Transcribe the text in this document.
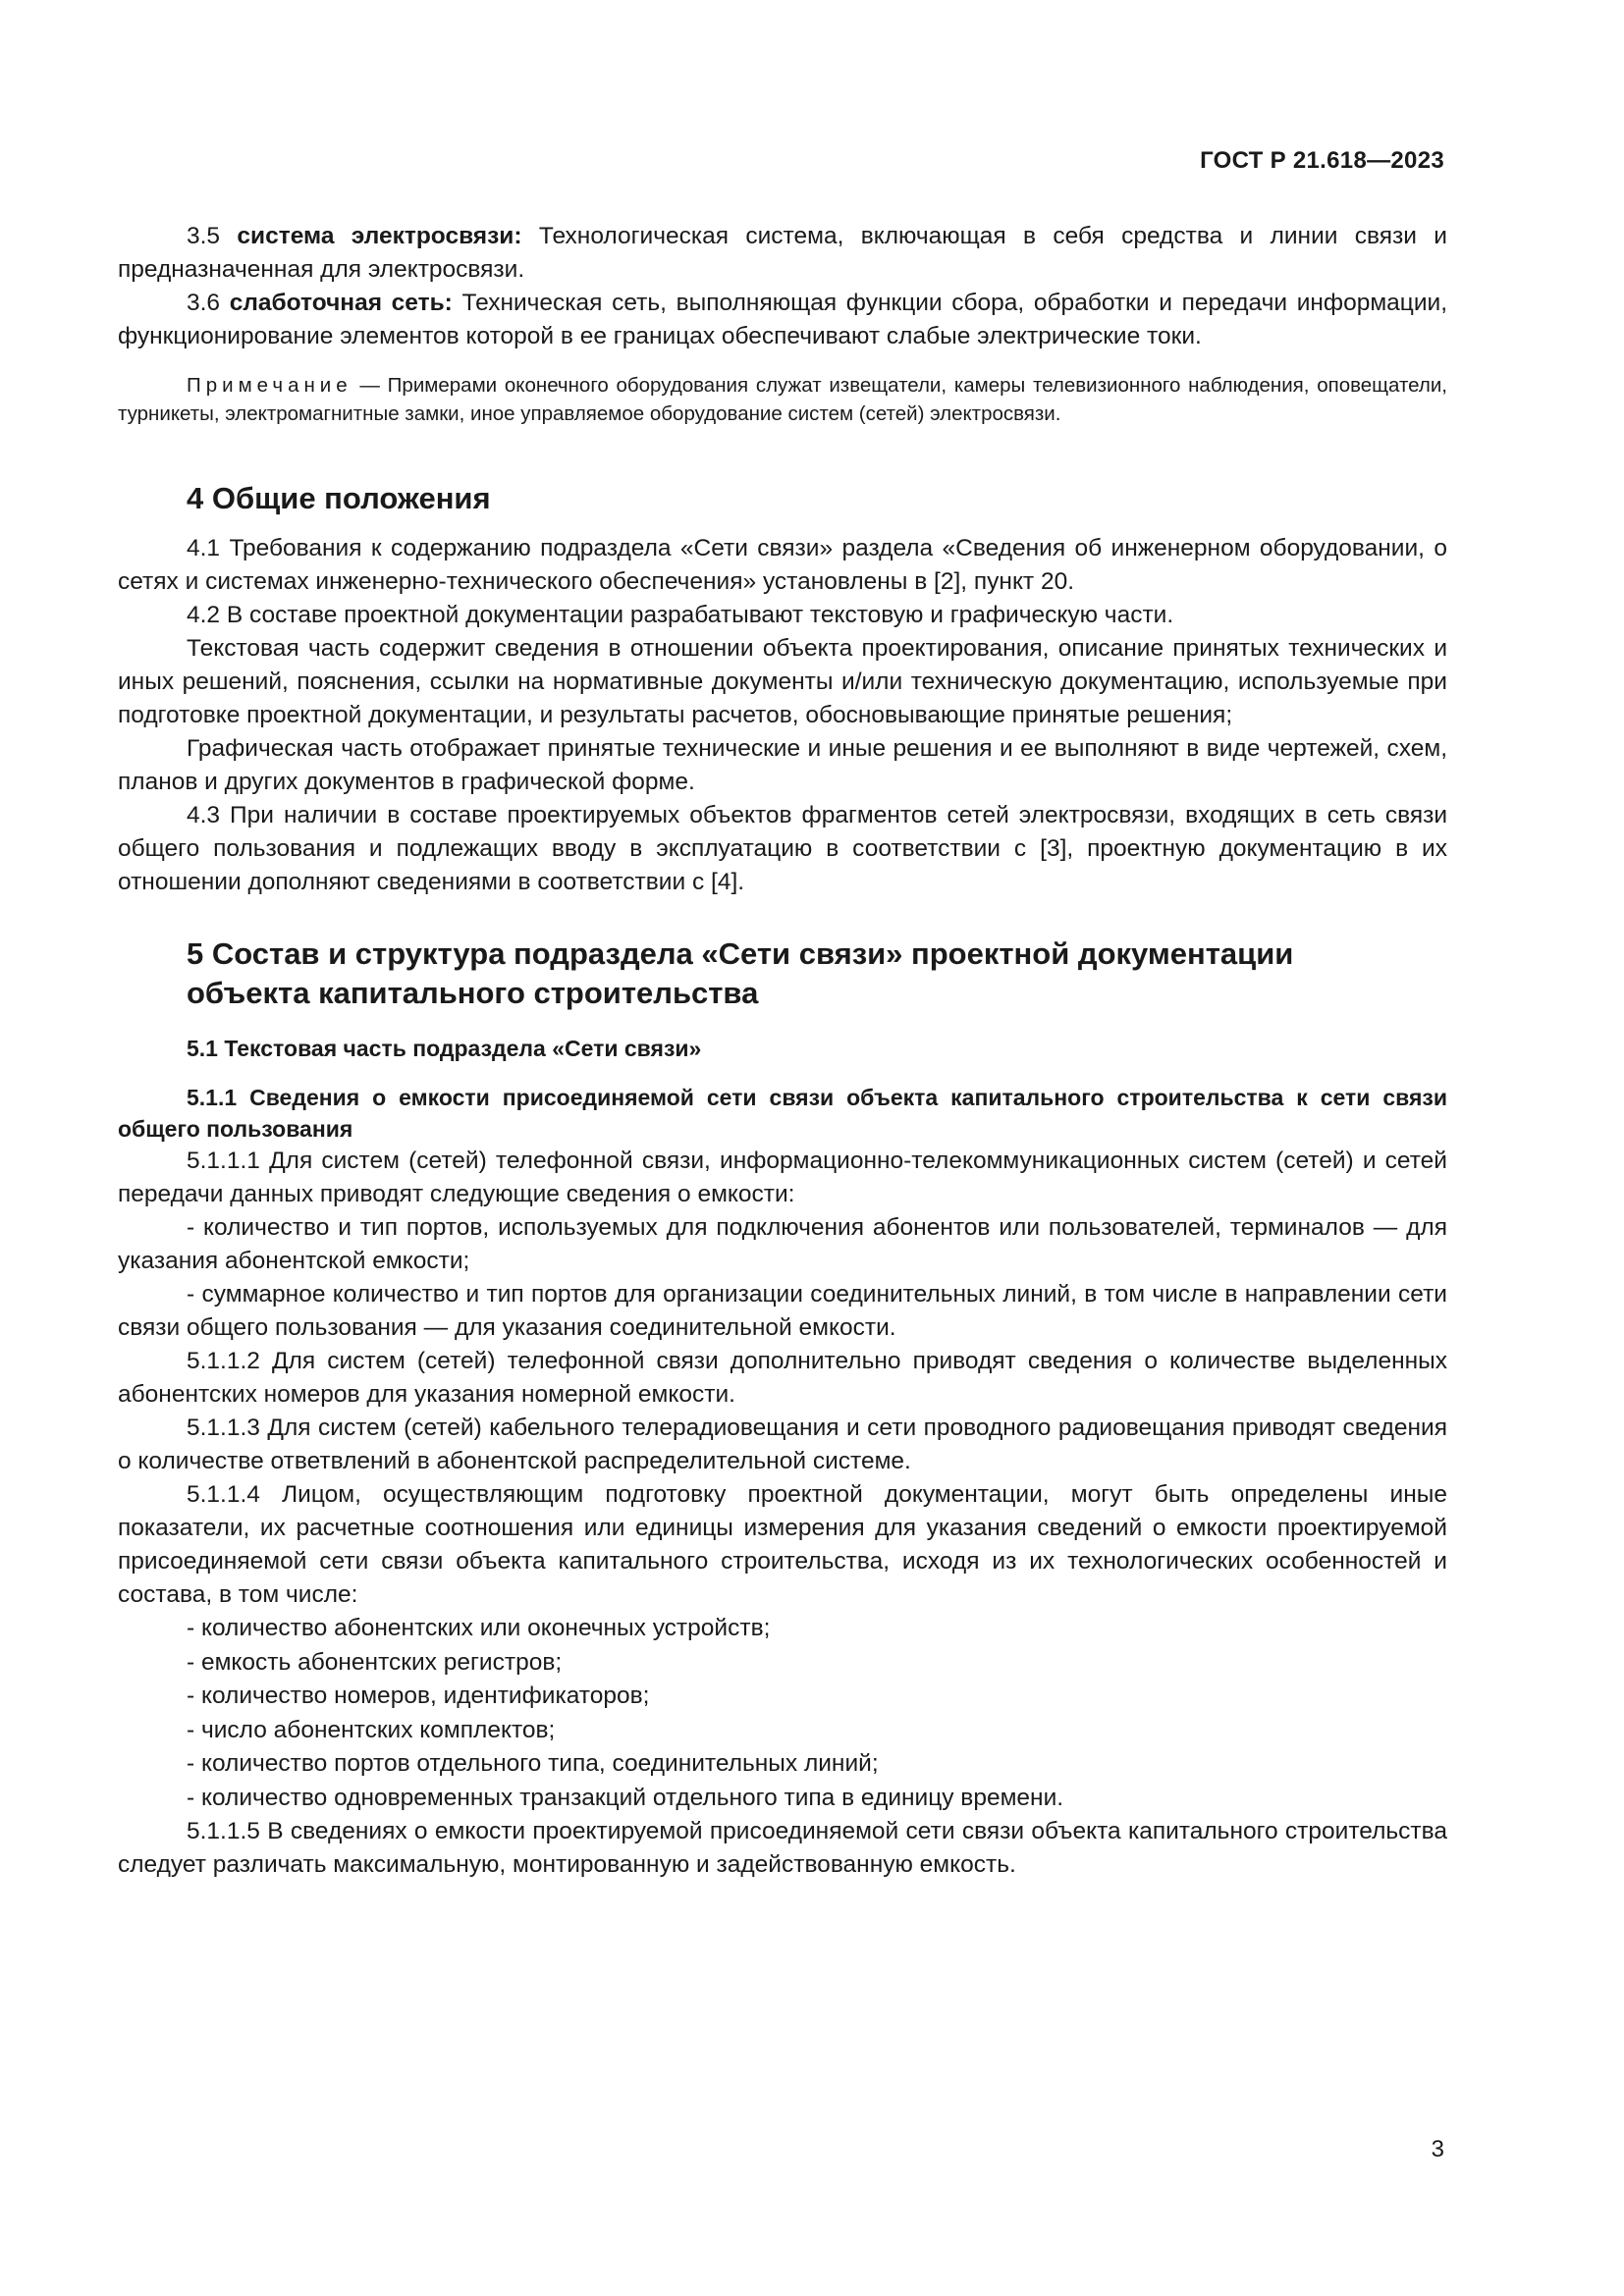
ГОСТ Р 21.618—2023

3.5 система электросвязи: Технологическая система, включающая в себя средства и линии связи и предназначенная для электросвязи.

3.6 слаботочная сеть: Техническая сеть, выполняющая функции сбора, обработки и передачи информации, функционирование элементов которой в ее границах обеспечивают слабые электрические токи.

Примечание — Примерами оконечного оборудования служат извещатели, камеры телевизионного наблюдения, оповещатели, турникеты, электромагнитные замки, иное управляемое оборудование систем (сетей) электросвязи.

4 Общие положения

4.1 Требования к содержанию подраздела «Сети связи» раздела «Сведения об инженерном оборудовании, о сетях и системах инженерно-технического обеспечения» установлены в [2], пункт 20.

4.2 В составе проектной документации разрабатывают текстовую и графическую части.

Текстовая часть содержит сведения в отношении объекта проектирования, описание принятых технических и иных решений, пояснения, ссылки на нормативные документы и/или техническую документацию, используемые при подготовке проектной документации, и результаты расчетов, обосновывающие принятые решения;

Графическая часть отображает принятые технические и иные решения и ее выполняют в виде чертежей, схем, планов и других документов в графической форме.

4.3 При наличии в составе проектируемых объектов фрагментов сетей электросвязи, входящих в сеть связи общего пользования и подлежащих вводу в эксплуатацию в соответствии с [3], проектную документацию в их отношении дополняют сведениями в соответствии с [4].

5 Состав и структура подраздела «Сети связи» проектной документации
объекта капитального строительства
5.1 Текстовая часть подраздела «Сети связи»
5.1.1 Сведения о емкости присоединяемой сети связи объекта капитального строительства к сети связи общего пользования

5.1.1.1 Для систем (сетей) телефонной связи, информационно-телекоммуникационных систем (сетей) и сетей передачи данных приводят следующие сведения о емкости:

- количество и тип портов, используемых для подключения абонентов или пользователей, терминалов — для указания абонентской емкости;

- суммарное количество и тип портов для организации соединительных линий, в том числе в направлении сети связи общего пользования — для указания соединительной емкости.

5.1.1.2 Для систем (сетей) телефонной связи дополнительно приводят сведения о количестве выделенных абонентских номеров для указания номерной емкости.

5.1.1.3 Для систем (сетей) кабельного телерадиовещания и сети проводного радиовещания приводят сведения о количестве ответвлений в абонентской распределительной системе.

5.1.1.4 Лицом, осуществляющим подготовку проектной документации, могут быть определены иные показатели, их расчетные соотношения или единицы измерения для указания сведений о емкости проектируемой присоединяемой сети связи объекта капитального строительства, исходя из их технологических особенностей и состава, в том числе:

- количество абонентских или оконечных устройств;

- емкость абонентских регистров;

- количество номеров, идентификаторов;

- число абонентских комплектов;

- количество портов отдельного типа, соединительных линий;

- количество одновременных транзакций отдельного типа в единицу времени.

5.1.1.5 В сведениях о емкости проектируемой присоединяемой сети связи объекта капитального строительства следует различать максимальную, монтированную и задействованную емкость.

3
